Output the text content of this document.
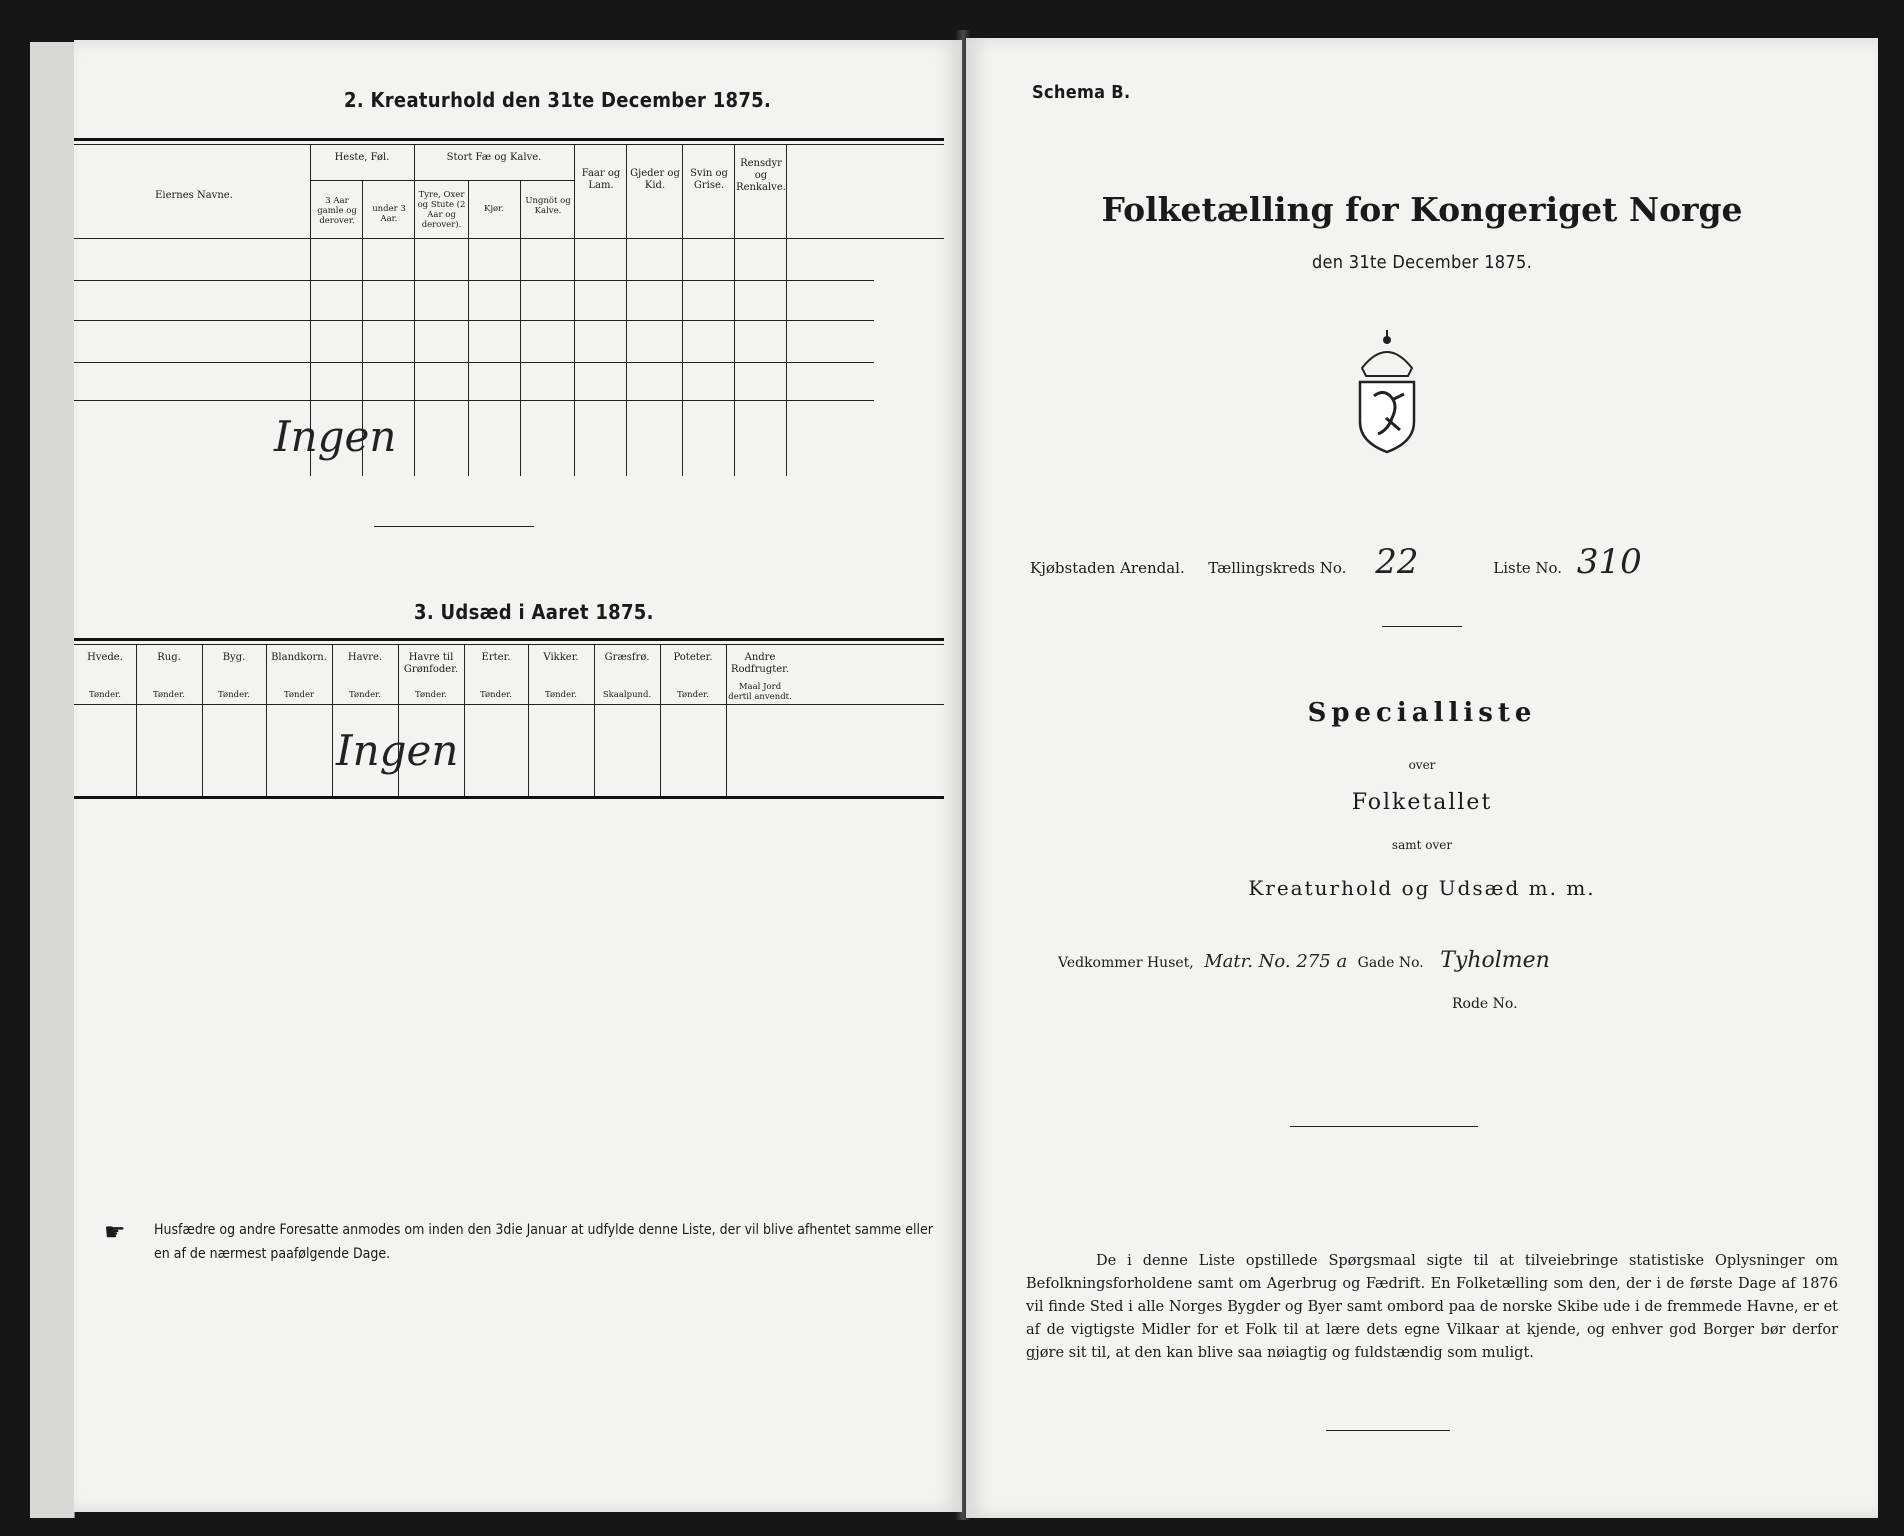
2. Kreaturhold den 31te December 1875.
Eiernes Navne.
Heste, Føl.
3 Aar gamle og derover.
under 3 Aar.
Stort Fæ og Kalve.
Tyre, Oxer og Stute (2 Aar og derover).
Kjør.
Ungnöt og Kalve.
Faar og Lam.
Gjeder og Kid.
Svin og Grise.
Rensdyr og Renkalve.
Ingen
3. Udsæd i Aaret 1875.
Hvede.
Tønder.
Rug.
Tønder.
Byg.
Tønder.
Blandkorn.
Tønder
Havre.
Tønder.
Havre til Grønfoder.
Tønder.
Erter.
Tønder.
Vikker.
Tønder.
Græsfrø.
Skaalpund.
Poteter.
Tønder.
Andre Rodfrugter.
Maal Jord dertil anvendt.
Ingen
☛ Husfædre og andre Foresatte anmodes om inden den 3die Januar at udfylde denne Liste, der vil blive afhentet samme eller en af de nærmest paafølgende Dage.
Schema B.
Folketælling for Kongeriget Norge
den 31te December 1875.
Kjøbstaden Arendal. Tællingskreds No. 22	Liste No. 310
Specialliste
over
Folketallet
samt over
Kreaturhold og Udsæd m. m.
Vedkommer Huset, Matr. No. 275 a Gade No. Tyholmen
Rode No.
De i denne Liste opstillede Spørgsmaal sigte til at tilveiebringe statistiske Oplysninger om Befolkningsforholdene samt om Agerbrug og Fædrift. En Folketælling som den, der i de første Dage af 1876 vil finde Sted i alle Norges Bygder og Byer samt ombord paa de norske Skibe ude i de fremmede Havne, er et af de vigtigste Midler for et Folk til at lære dets egne Vilkaar at kjende, og enhver god Borger bør derfor gjøre sit til, at den kan blive saa nøiagtig og fuldstændig som muligt.
